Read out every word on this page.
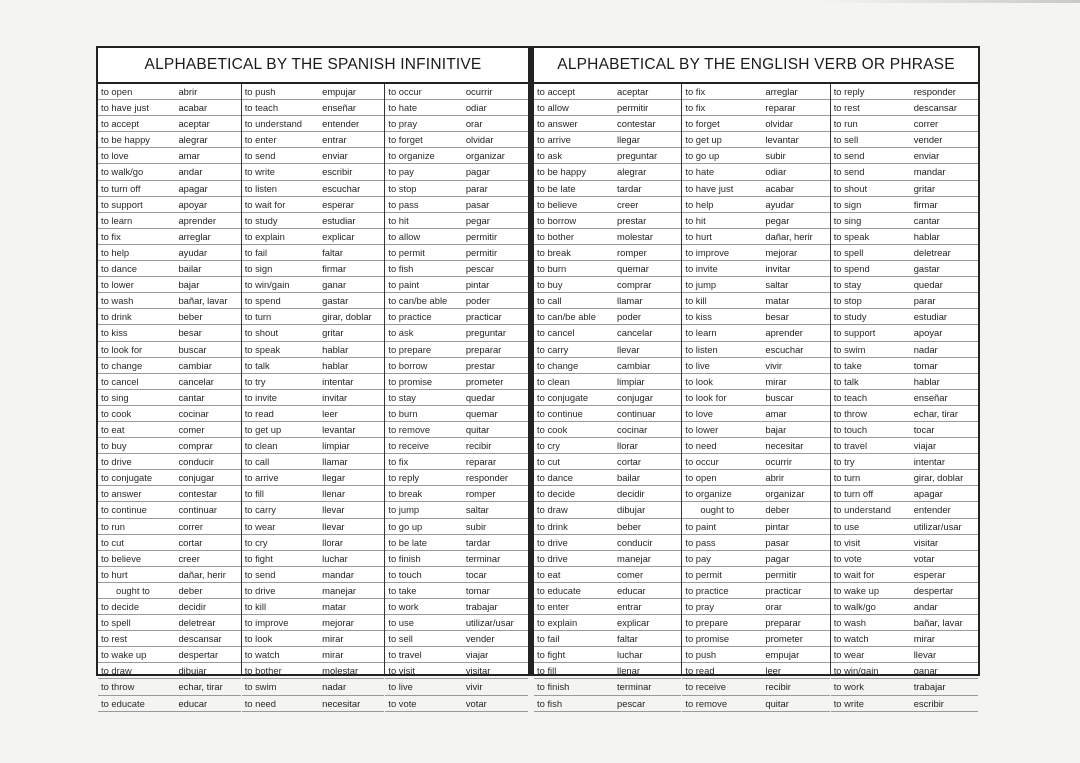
ALPHABETICAL BY THE SPANISH INFINITIVE
to open	abrir
to have just	acabar
to accept	aceptar
to be happy	alegrar
to love	amar
to walk/go	andar
to turn off	apagar
to support	apoyar
to learn	aprender
to fix	arreglar
to help	ayudar
to dance	bailar
to lower	bajar
to wash	bañar, lavar
to drink	beber
to kiss	besar
to look for	buscar
to change	cambiar
to cancel	cancelar
to sing	cantar
to cook	cocinar
to eat	comer
to buy	comprar
to drive	conducir
to conjugate	conjugar
to answer	contestar
to continue	continuar
to run	correr
to cut	cortar
to believe	creer
to hurt	dañar, herir
ought to	deber
to decide	decidir
to spell	deletrear
to rest	descansar
to wake up	despertar
to draw	dibujar
to throw	echar, tirar
to educate	educar
to push	empujar
to teach	enseñar
to understand	entender
to enter	entrar
to send	enviar
to write	escribir
to listen	escuchar
to wait for	esperar
to study	estudiar
to explain	explicar
to fail	faltar
to sign	firmar
to win/gain	ganar
to spend	gastar
to turn	girar, doblar
to shout	gritar
to speak	hablar
to talk	hablar
to try	intentar
to invite	invitar
to read	leer
to get up	levantar
to clean	limpiar
to call	llamar
to arrive	llegar
to fill	llenar
to carry	llevar
to wear	llevar
to cry	llorar
to fight	luchar
to send	mandar
to drive	manejar
to kill	matar
to improve	mejorar
to look	mirar
to watch	mirar
to bother	molestar
to swim	nadar
to need	necesitar
to occur	ocurrir
to hate	odiar
to pray	orar
to forget	olvidar
to organize	organizar
to pay	pagar
to stop	parar
to pass	pasar
to hit	pegar
to allow	permitir
to permit	permitir
to fish	pescar
to paint	pintar
to can/be able	poder
to practice	practicar
to ask	preguntar
to prepare	preparar
to borrow	prestar
to promise	prometer
to stay	quedar
to burn	quemar
to remove	quitar
to receive	recibir
to fix	reparar
to reply	responder
to break	romper
to jump	saltar
to go up	subir
to be late	tardar
to finish	terminar
to touch	tocar
to take	tomar
to work	trabajar
to use	utilizar/usar
to sell	vender
to travel	viajar
to visit	visitar
to live	vivir
to vote	votar
ALPHABETICAL BY THE ENGLISH VERB OR PHRASE
to accept	aceptar
to allow	permitir
to answer	contestar
to arrive	llegar
to ask	preguntar
to be happy	alegrar
to be late	tardar
to believe	creer
to borrow	prestar
to bother	molestar
to break	romper
to burn	quemar
to buy	comprar
to call	llamar
to can/be able	poder
to cancel	cancelar
to carry	llevar
to change	cambiar
to clean	limpiar
to conjugate	conjugar
to continue	continuar
to cook	cocinar
to cry	llorar
to cut	cortar
to dance	bailar
to decide	decidir
to draw	dibujar
to drink	beber
to drive	conducir
to drive	manejar
to eat	comer
to educate	educar
to enter	entrar
to explain	explicar
to fail	faltar
to fight	luchar
to fill	llenar
to finish	terminar
to fish	pescar
to fix	arreglar
to fix	reparar
to forget	olvidar
to get up	levantar
to go up	subir
to hate	odiar
to have just	acabar
to help	ayudar
to hit	pegar
to hurt	dañar, herir
to improve	mejorar
to invite	invitar
to jump	saltar
to kill	matar
to kiss	besar
to learn	aprender
to listen	escuchar
to live	vivir
to look	mirar
to look for	buscar
to love	amar
to lower	bajar
to need	necesitar
to occur	ocurrir
to open	abrir
to organize	organizar
ought to	deber
to paint	pintar
to pass	pasar
to pay	pagar
to permit	permitir
to practice	practicar
to pray	orar
to prepare	preparar
to promise	prometer
to push	empujar
to read	leer
to receive	recibir
to remove	quitar
to reply	responder
to rest	descansar
to run	correr
to sell	vender
to send	enviar
to send	mandar
to shout	gritar
to sign	firmar
to sing	cantar
to speak	hablar
to spell	deletrear
to spend	gastar
to stay	quedar
to stop	parar
to study	estudiar
to support	apoyar
to swim	nadar
to take	tomar
to talk	hablar
to teach	enseñar
to throw	echar, tirar
to touch	tocar
to travel	viajar
to try	intentar
to turn	girar, doblar
to turn off	apagar
to understand	entender
to use	utilizar/usar
to visit	visitar
to vote	votar
to wait for	esperar
to wake up	despertar
to walk/go	andar
to wash	bañar, lavar
to watch	mirar
to wear	llevar
to win/gain	ganar
to work	trabajar
to write	escribir
